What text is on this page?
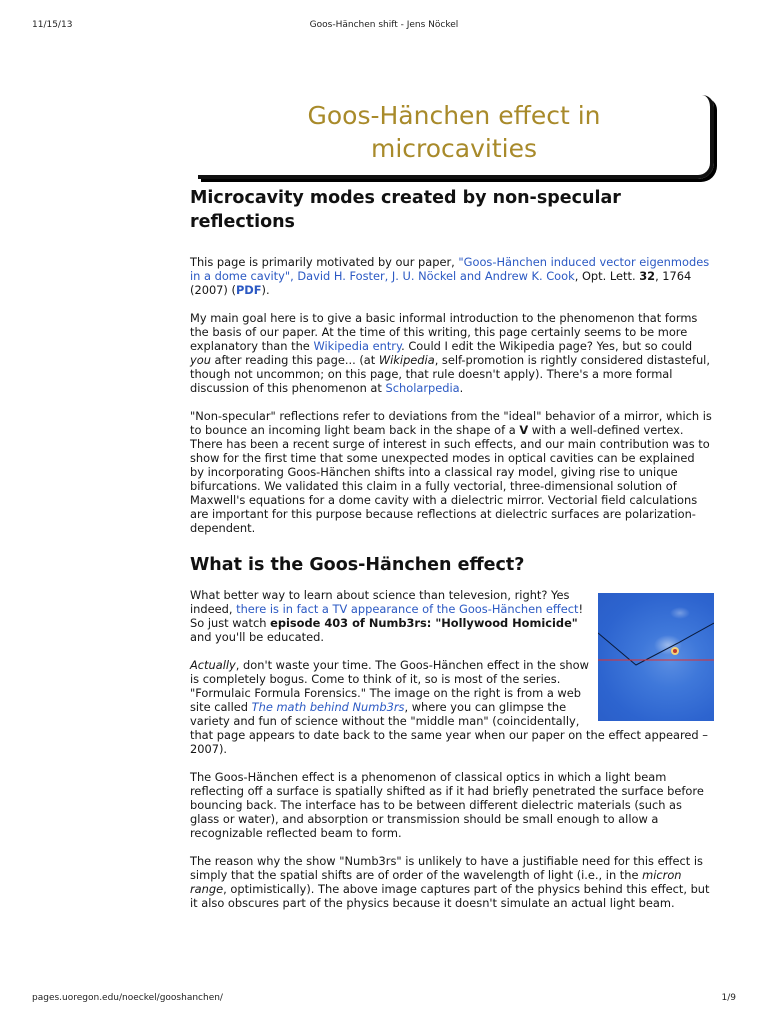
11/15/13	Goos-Hänchen shift - Jens Nöckel
Goos-Hänchen effect in
microcavities
Microcavity modes created by non-specular reflections

This page is primarily motivated by our paper, "Goos-Hänchen induced vector eigenmodes in a dome cavity", David H. Foster, J. U. Nöckel and Andrew K. Cook, Opt. Lett. 32, 1764 (2007) (PDF).

My main goal here is to give a basic informal introduction to the phenomenon that forms the basis of our paper. At the time of this writing, this page certainly seems to be more explanatory than the Wikipedia entry. Could I edit the Wikipedia page? Yes, but so could you after reading this page... (at Wikipedia, self-promotion is rightly considered distasteful, though not uncommon; on this page, that rule doesn't apply). There's a more formal discussion of this phenomenon at Scholarpedia.

"Non-specular" reflections refer to deviations from the "ideal" behavior of a mirror, which is to bounce an incoming light beam back in the shape of a V with a well-defined vertex. There has been a recent surge of interest in such effects, and our main contribution was to show for the first time that some unexpected modes in optical cavities can be explained by incorporating Goos-Hänchen shifts into a classical ray model, giving rise to unique bifurcations. We validated this claim in a fully vectorial, three-dimensional solution of Maxwell's equations for a dome cavity with a dielectric mirror. Vectorial field calculations are important for this purpose because reflections at dielectric surfaces are polarization-dependent.

What is the Goos-Hänchen effect?

What better way to learn about science than televesion, right? Yes indeed, there is in fact a TV appearance of the Goos-Hänchen effect! So just watch episode 403 of Numb3rs: "Hollywood Homicide" and you'll be educated.

Actually, don't waste your time. The Goos-Hänchen effect in the show is completely bogus. Come to think of it, so is most of the series. "Formulaic Formula Forensics." The image on the right is from a web site called The math behind Numb3rs, where you can glimpse the variety and fun of science without the "middle man" (coincidentally, that page appears to date back to the same year when our paper on the effect appeared – 2007).

The Goos-Hänchen effect is a phenomenon of classical optics in which a light beam reflecting off a surface is spatially shifted as if it had briefly penetrated the surface before bouncing back. The interface has to be between different dielectric materials (such as glass or water), and absorption or transmission should be small enough to allow a recognizable reflected beam to form.

The reason why the show "Numb3rs" is unlikely to have a justifiable need for this effect is simply that the spatial shifts are of order of the wavelength of light (i.e., in the micron range, optimistically). The above image captures part of the physics behind this effect, but it also obscures part of the physics because it doesn't simulate an actual light beam.

pages.uoregon.edu/noeckel/gooshanchen/	1/9
